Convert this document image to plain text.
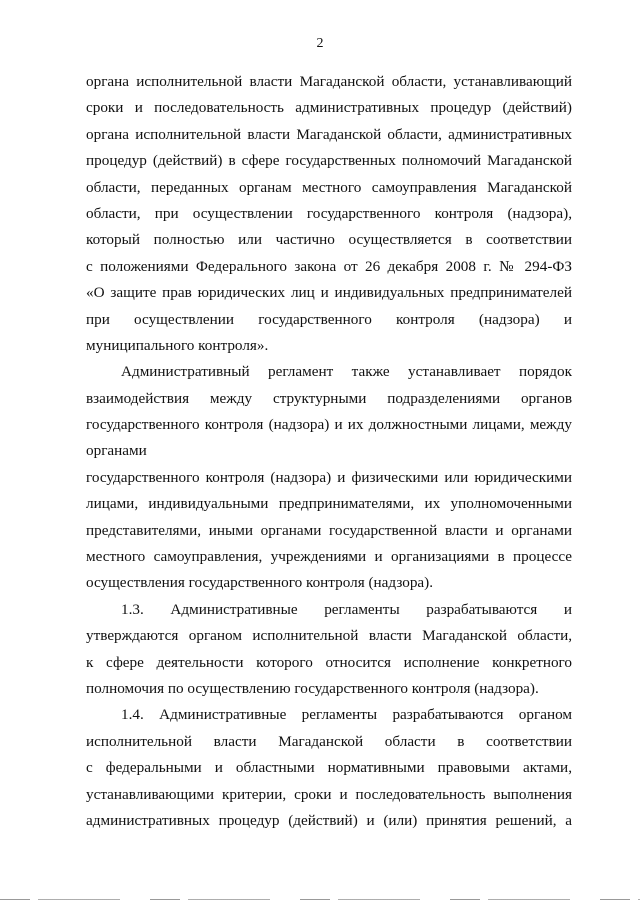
2
органа исполнительной власти Магаданской области, устанавливающий
сроки и последовательность административных процедур (действий)
органа исполнительной власти Магаданской области, административных
процедур (действий) в сфере государственных полномочий Магаданской
области, переданных органам местного самоуправления Магаданской
области, при осуществлении государственного контроля (надзора),
который полностью или частично осуществляется в соответствии
с положениями Федерального закона от 26 декабря 2008 г. № 294-ФЗ
«О защите прав юридических лиц и индивидуальных предпринимателей
при осуществлении государственного контроля (надзора) и
муниципального контроля».
Административный регламент также устанавливает порядок
взаимодействия между структурными подразделениями органов
государственного контроля (надзора) и их должностными лицами, между
органами
государственного контроля (надзора) и физическими или юридическими
лицами, индивидуальными предпринимателями, их уполномоченными
представителями, иными органами государственной власти и органами
местного самоуправления, учреждениями и организациями в процессе
осуществления государственного контроля (надзора).
1.3. Административные регламенты разрабатываются и
утверждаются органом исполнительной власти Магаданской области,
к сфере деятельности которого относится исполнение конкретного
полномочия по осуществлению государственного контроля (надзора).
1.4. Административные регламенты разрабатываются органом
исполнительной власти Магаданской области в соответствии
с федеральными и областными нормативными правовыми актами,
устанавливающими критерии, сроки и последовательность выполнения
административных процедур (действий) и (или) принятия решений, а
